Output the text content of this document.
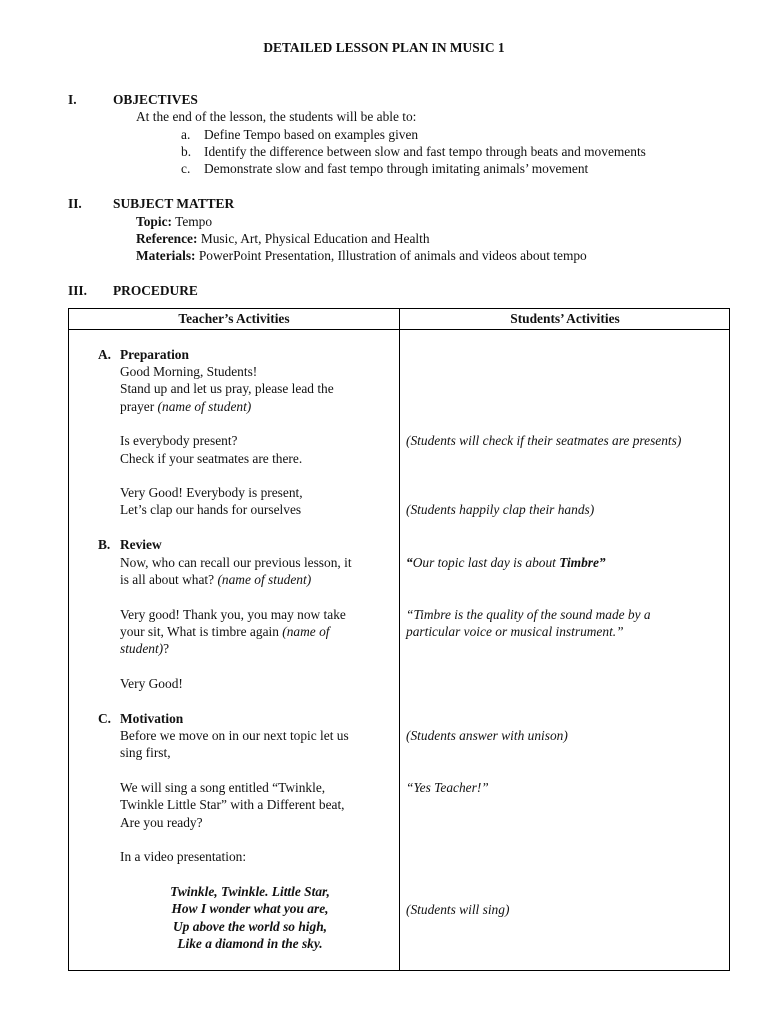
DETAILED LESSON PLAN IN MUSIC 1
I.	OBJECTIVES
At the end of the lesson, the students will be able to:
a. Define Tempo based on examples given
b. Identify the difference between slow and fast tempo through beats and movements
c. Demonstrate slow and fast tempo through imitating animals’ movement
II. SUBJECT MATTER
Topic: Tempo
Reference: Music, Art, Physical Education and Health
Materials: PowerPoint Presentation, Illustration of animals and videos about tempo
III. PROCEDURE
Teacher’s Activities	Students’ Activities
A. Preparation
Good Morning, Students!
Stand up and let us pray, please lead the
prayer (name of student)
Is everybody present?
Check if your seatmates are there.
Very Good! Everybody is present,
Let’s clap our hands for ourselves
B. Review
Now, who can recall our previous lesson, it
is all about what? (name of student)
Very good! Thank you, you may now take
your sit, What is timbre again (name of
student)?
Very Good!
C. Motivation
Before we move on in our next topic let us
sing first,
We will sing a song entitled “Twinkle,
Twinkle Little Star” with a Different beat,
Are you ready?
In a video presentation:
Twinkle, Twinkle. Little Star,
How I wonder what you are,
Up above the world so high,
Like a diamond in the sky.
(Students will check if their seatmates are presents)
(Students happily clap their hands)
“Our topic last day is about Timbre”
“Timbre is the quality of the sound made by a
particular voice or musical instrument.”
(Students answer with unison)
“Yes Teacher!”
(Students will sing)
